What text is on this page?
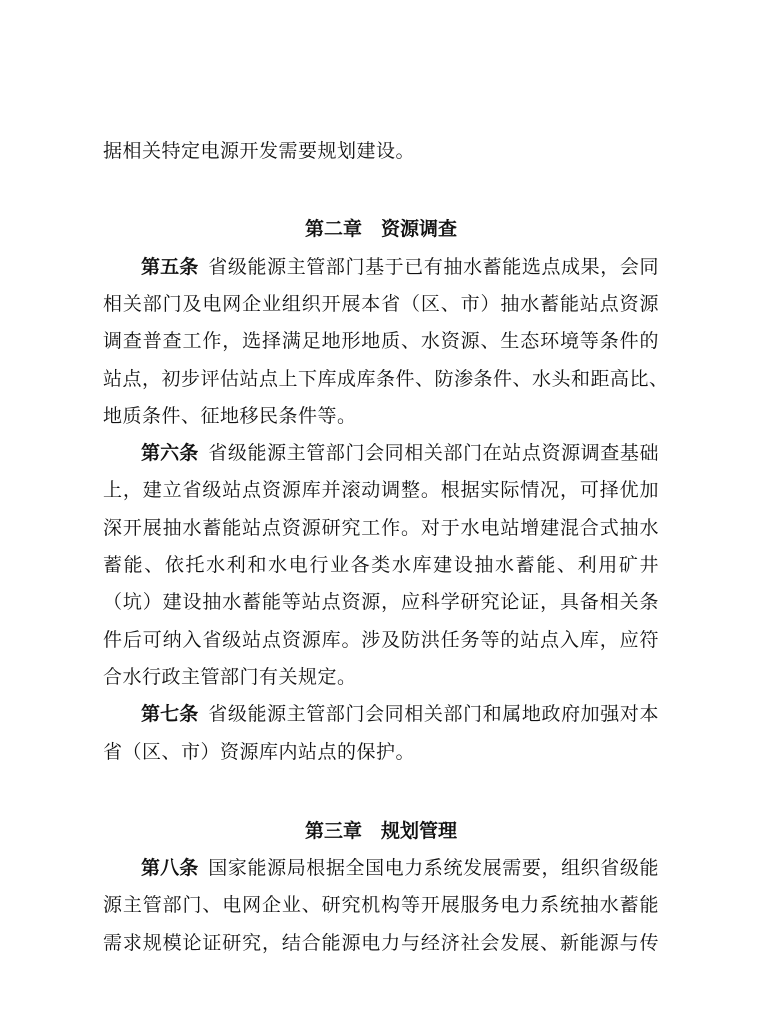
据相关特定电源开发需要规划建设。
第二章　资源调查
第五条 省级能源主管部门基于已有抽水蓄能选点成果，会同
相关部门及电网企业组织开展本省（区、市）抽水蓄能站点资源
调查普查工作，选择满足地形地质、水资源、生态环境等条件的
站点，初步评估站点上下库成库条件、防渗条件、水头和距高比、
地质条件、征地移民条件等。
第六条 省级能源主管部门会同相关部门在站点资源调查基础
上，建立省级站点资源库并滚动调整。根据实际情况，可择优加
深开展抽水蓄能站点资源研究工作。对于水电站增建混合式抽水
蓄能、依托水利和水电行业各类水库建设抽水蓄能、利用矿井
（坑）建设抽水蓄能等站点资源，应科学研究论证，具备相关条
件后可纳入省级站点资源库。涉及防洪任务等的站点入库，应符
合水行政主管部门有关规定。
第七条 省级能源主管部门会同相关部门和属地政府加强对本
省（区、市）资源库内站点的保护。
第三章　规划管理
第八条 国家能源局根据全国电力系统发展需要，组织省级能
源主管部门、电网企业、研究机构等开展服务电力系统抽水蓄能
需求规模论证研究，结合能源电力与经济社会发展、新能源与传
